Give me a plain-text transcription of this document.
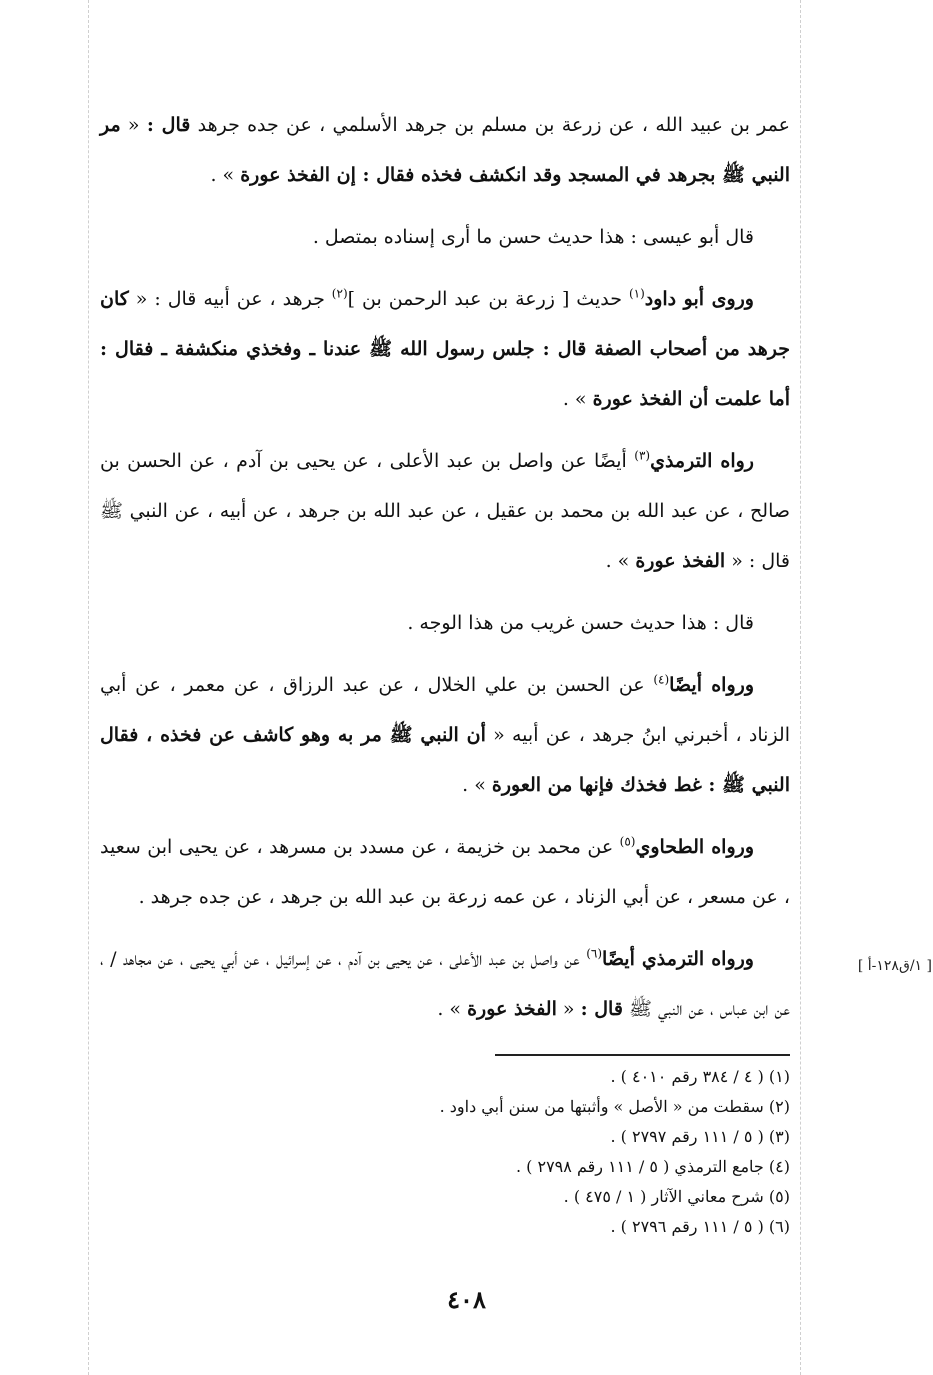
عمر بن عبيد الله ، عن زرعة بن مسلم بن جرهد الأسلمي ، عن جده جرهد قال : « مر النبي ﷺ بجرهد في المسجد وقد انكشف فخذه فقال : إن الفخذ عورة » .

قال أبو عيسى : هذا حديث حسن ما أرى إسناده بمتصل .

وروى أبو داود$^{(١)}$ حديث [ زرعة بن عبد الرحمن بن ]$^{(٢)}$ جرهد ، عن أبيه قال : « كان جرهد من أصحاب الصفة قال : جلس رسول الله ﷺ عندنا ـ وفخذي منكشفة ـ فقال : أما علمت أن الفخذ عورة » .

رواه الترمذي$^{(٣)}$ أيضًا عن واصل بن عبد الأعلى ، عن يحيى بن آدم ، عن الحسن بن صالح ، عن عبد الله بن محمد بن عقيل ، عن عبد الله بن جرهد ، عن أبيه ، عن النبي ﷺ قال : « الفخذ عورة » .

قال : هذا حديث حسن غريب من هذا الوجه .

ورواه أيضًا$^{(٤)}$ عن الحسن بن علي الخلال ، عن عبد الرزاق ، عن معمر ، عن أبي الزناد ، أخبرني ابنُ جرهد ، عن أبيه « أن النبي ﷺ مر به وهو كاشف عن فخذه ، فقال النبي ﷺ : غط فخذك فإنها من العورة » .

ورواه الطحاوي$^{(٥)}$ عن محمد بن خزيمة ، عن مسدد بن مسرهد ، عن يحيى ابن سعيد ، عن مسعر ، عن أبي الزناد ، عن عمه زرعة بن عبد الله بن جرهد ، عن جده جرهد .

ورواه الترمذي أيضًا$^{(٦)}$ عن واصل بن عبد الأعلى ، عن يحيى بن آدم ، عن إسرائيل ، عن أبي يحيى ، عن مجاهد / ، عن ابن عباس ، عن النبي ﷺ قال : « الفخذ عورة » .

[ ١/ق١٢٨-أ ]

(١) ( ٤ / ٣٨٤ رقم ٤٠١٠ ) .

(٢) سقطت من « الأصل » وأثبتها من سنن أبي داود .

(٣) ( ٥ / ١١١ رقم ٢٧٩٧ ) .

(٤) جامع الترمذي ( ٥ / ١١١ رقم ٢٧٩٨ ) .

(٥) شرح معاني الآثار ( ١ / ٤٧٥ ) .

(٦) ( ٥ / ١١١ رقم ٢٧٩٦ ) .

٤٠٨
